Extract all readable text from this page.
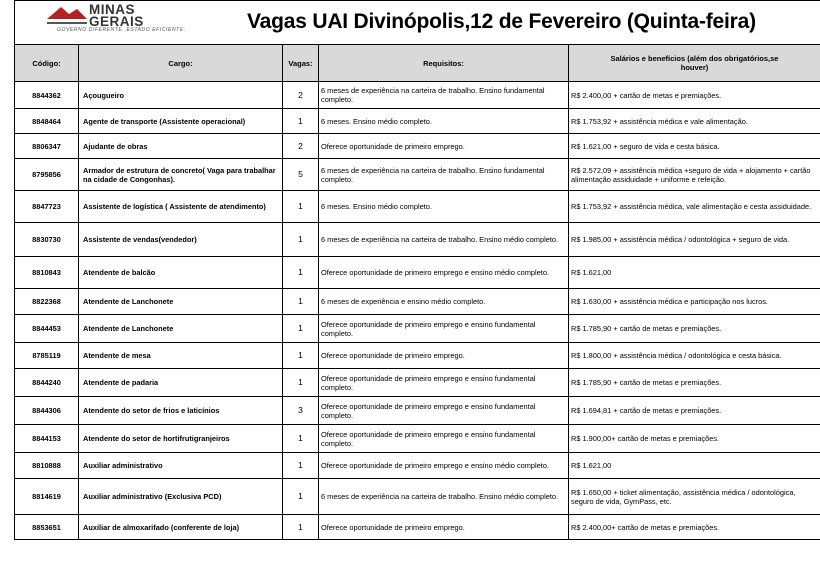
MINAS GERAIS
GOVERNO DIFERENTE. ESTADO EFICIENTE.	Vagas UAI Divinópolis,12 de Fevereiro (Quinta-feira)
Código:	Cargo:	Vagas:	Requisitos:	Salários e benefícios (além dos obrigatórios,se houver)
8844362	Açougueiro	2	6 meses de experiência na carteira de trabalho. Ensino fundamental completo.	R$ 2.400,00 + cartão de metas e premiações.
8848464	Agente de transporte (Assistente operacional)	1	6 meses. Ensino médio completo.	R$ 1.753,92 + assistência médica e vale alimentação.
8806347	Ajudante de obras	2	Oferece oportunidade de primeiro emprego.	R$ 1.621,00 + seguro de vida e cesta básica.
8795856	Armador de estrutura de concreto( Vaga para trabalhar na cidade de Congonhas).	5	6 meses de experiência na carteira de trabalho. Ensino fundamental completo.	R$ 2.572,09 + assistência médica +seguro de vida + alojamento + cartão alimentação assiduidade + uniforme e refeição.
8847723	Assistente de logística ( Assistente de atendimento)	1	6 meses. Ensino médio completo.	R$ 1.753,92 + assistência médica, vale alimentação e cesta assiduidade.
8830730	Assistente de vendas(vendedor)	1	6 meses de experiência na carteira de trabalho. Ensino médio completo.	R$ 1.985,00 + assistência médica / odontológica + seguro de vida.
8810843	Atendente de balcão	1	Oferece oportunidade de primeiro emprego e ensino médio completo.	R$ 1.621,00
8822368	Atendente de Lanchonete	1	6 meses de experiência e ensino médio completo.	R$ 1.630,00 + assistência médica e participação nos lucros.
8844453	Atendente de Lanchonete	1	Oferece oportunidade de primeiro emprego e ensino fundamental completo.	R$ 1.785,90 + cartão de metas e premiações.
8785119	Atendente de mesa	1	Oferece oportunidade de primeiro emprego.	R$ 1.800,00 + assistência médica / odontológica e cesta básica.
8844240	Atendente de padaria	1	Oferece oportunidade de primeiro emprego e ensino fundamental completo.	R$ 1.785,90 + cartão de metas e premiações.
8844306	Atendente do setor de frios e laticínios	3	Oferece oportunidade de primeiro emprego e ensino fundamental completo.	R$ 1.694,81 + cartão de metas e premiações.
8844153	Atendente do setor de hortifrutigranjeiros	1	Oferece oportunidade de primeiro emprego e ensino fundamental completo.	R$ 1.900,00+ cartão de metas e premiações.
8810888	Auxiliar administrativo	1	Oferece oportunidade de primeiro emprego e ensino médio completo.	R$ 1.621,00
8814619	Auxiliar administrativo (Exclusiva PCD)	1	6 meses de experiência na carteira de trabalho. Ensino médio completo.	R$ 1.650,00 + ticket alimentação, assistência médica / odontológica, seguro de vida, GymPass, etc.
8853651	Auxiliar de almoxarifado (conferente de loja)	1	Oferece oportunidade de primeiro emprego.	R$ 2.400,00+ cartão de metas e premiações.
